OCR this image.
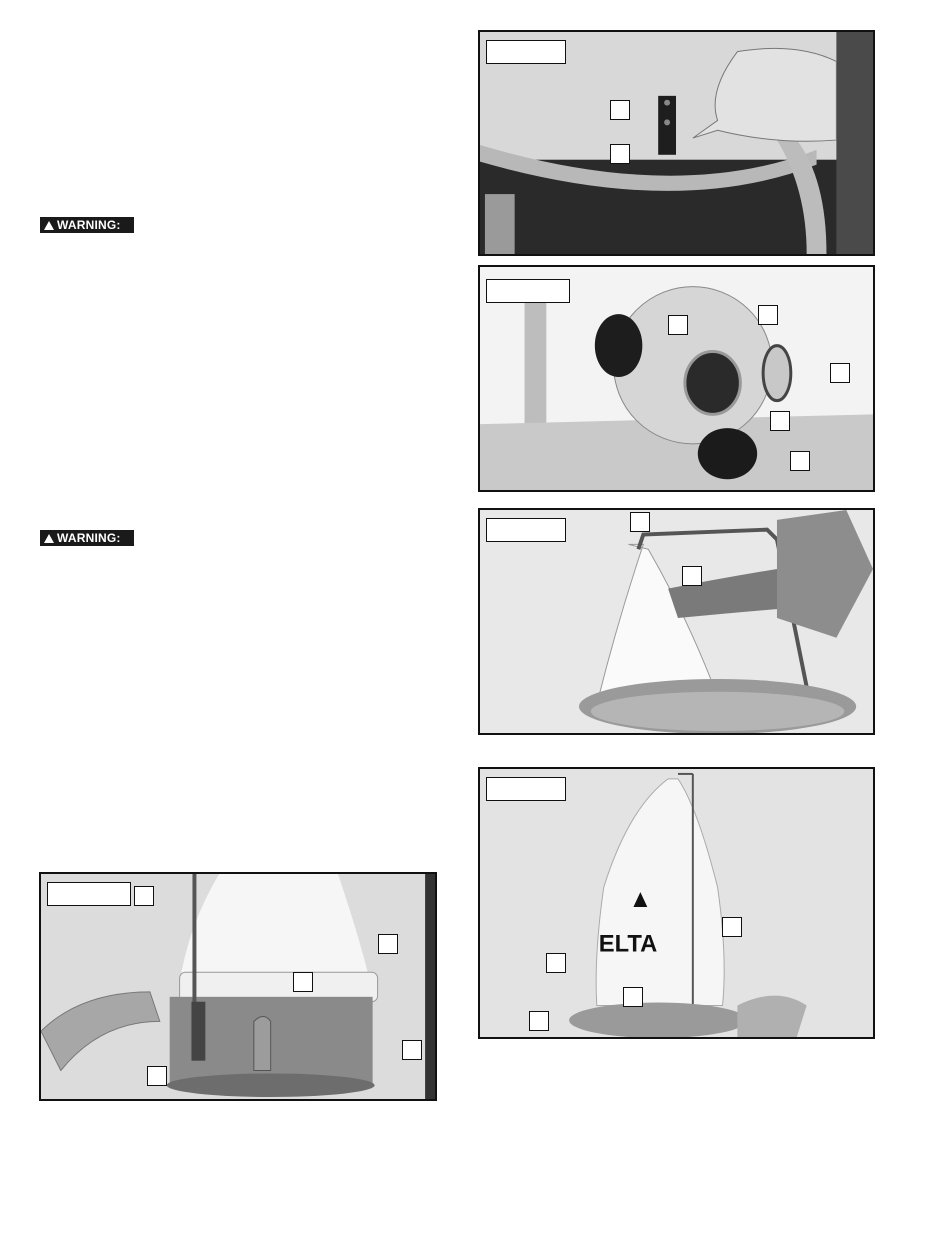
WARNING:
WARNING:
ELTA
